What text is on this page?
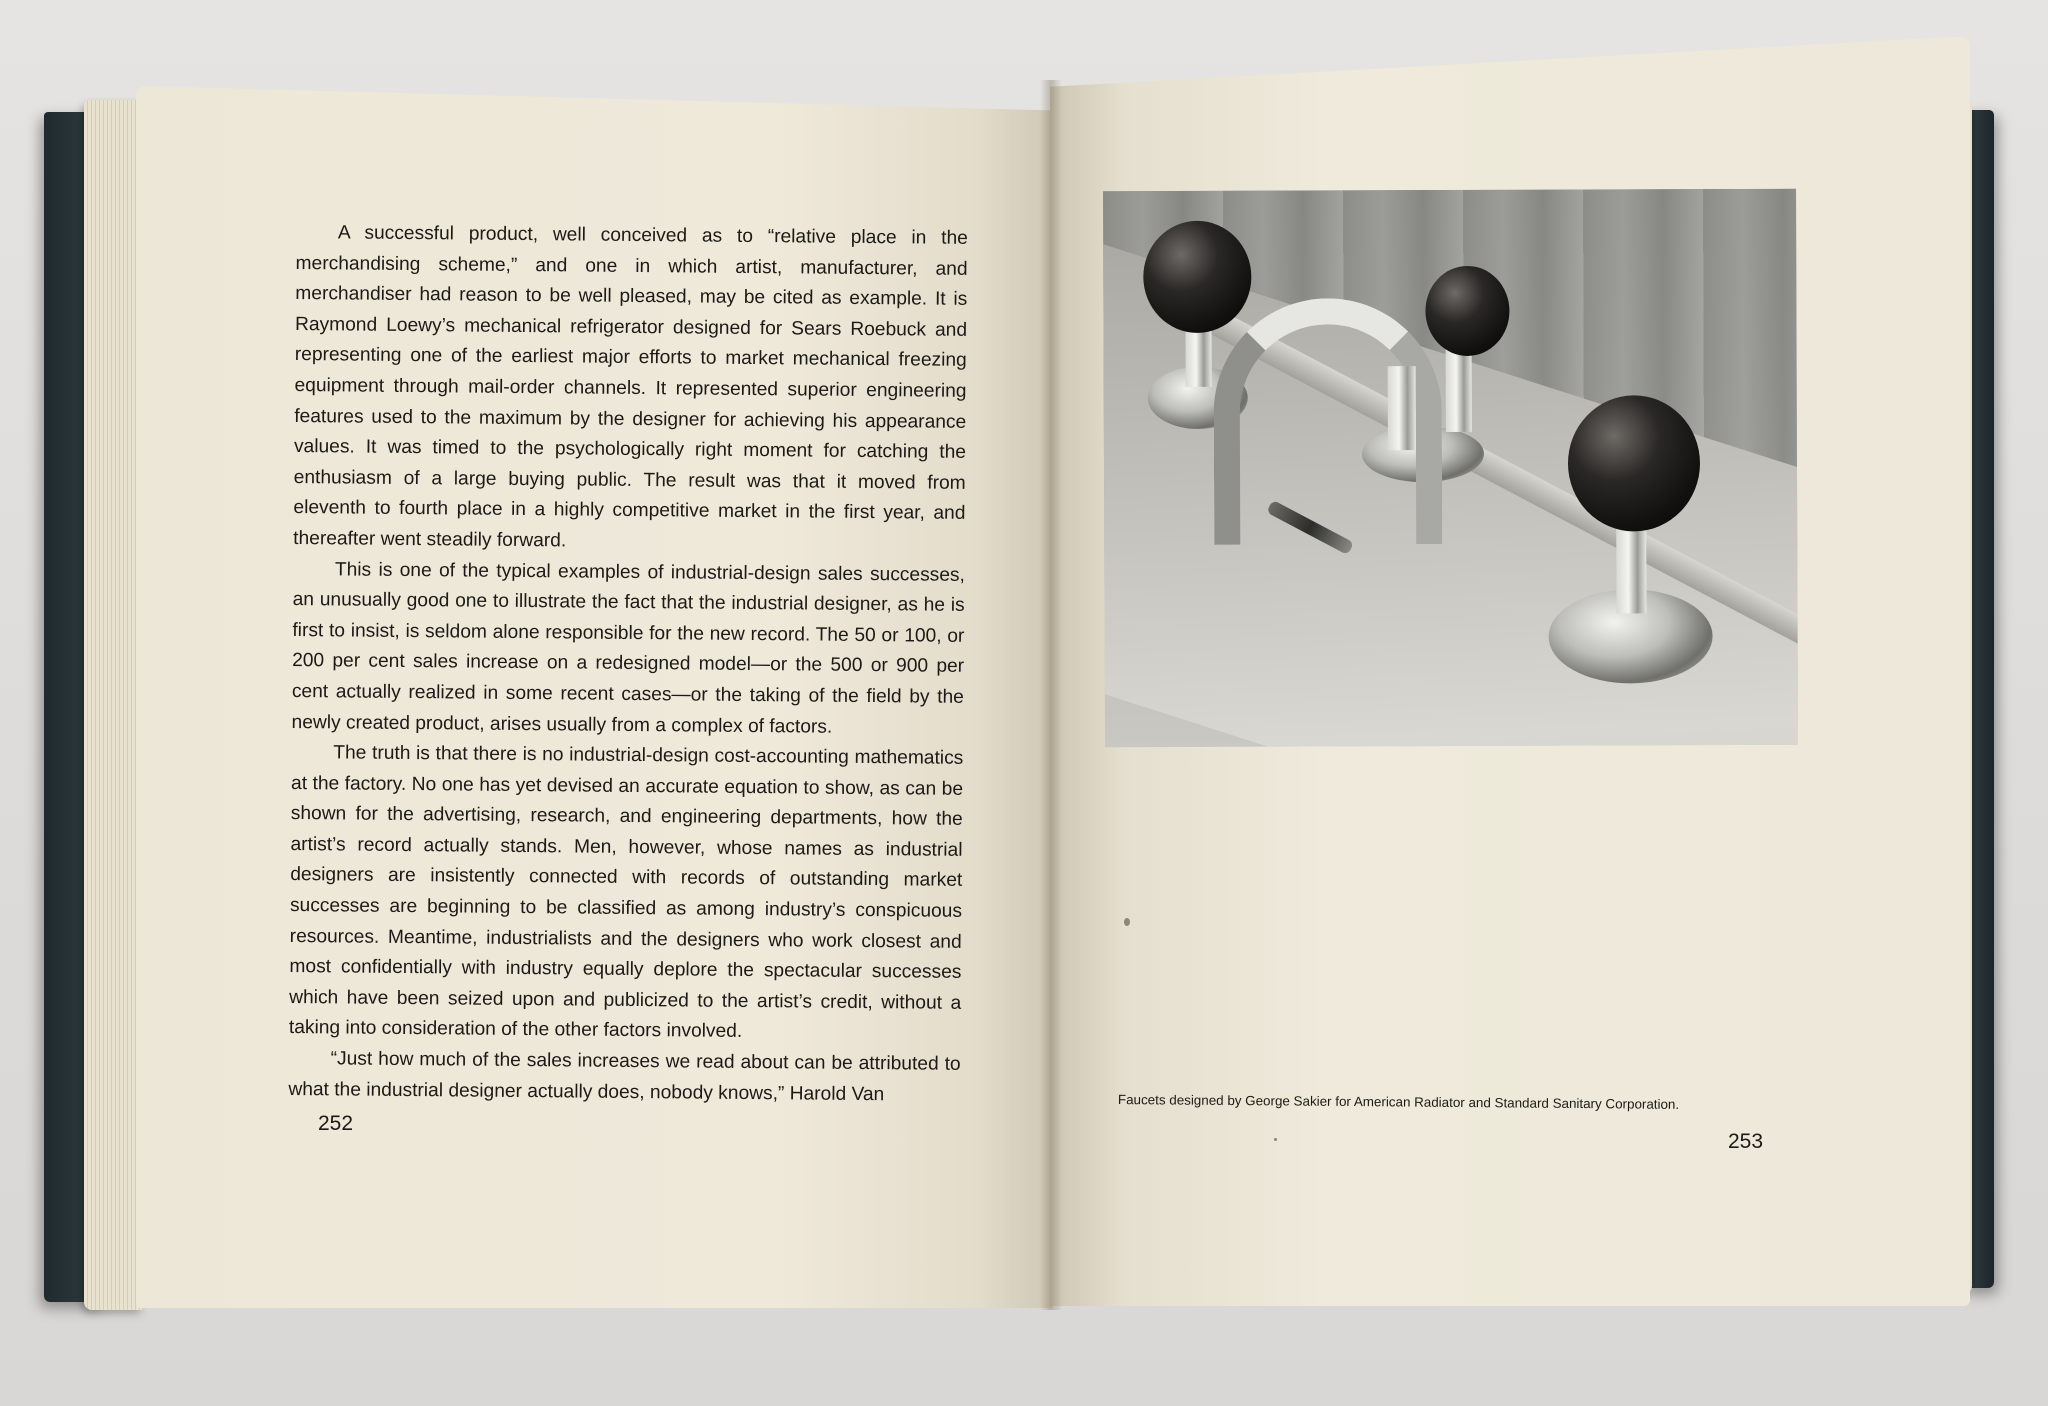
A successful product, well conceived as to “relative place in the merchandising scheme,” and one in which artist, manufacturer, and merchandiser had reason to be well pleased, may be cited as example. It is Raymond Loewy’s mechanical refrigerator designed for Sears Roebuck and representing one of the earliest major efforts to market mechanical freezing equipment through mail-order channels. It represented superior engineering features used to the maximum by the designer for achieving his appearance values. It was timed to the psychologically right moment for catching the enthusiasm of a large buying public. The result was that it moved from eleventh to fourth place in a highly competitive market in the first year, and thereafter went steadily forward.

This is one of the typical examples of industrial-design sales successes, an unusually good one to illustrate the fact that the industrial designer, as he is first to insist, is seldom alone responsible for the new record. The 50 or 100, or 200 per cent sales increase on a redesigned model—or the 500 or 900 per cent actually realized in some recent cases—or the taking of the field by the newly created product, arises usually from a complex of factors.

The truth is that there is no industrial-design cost-accounting mathematics at the factory. No one has yet devised an accurate equation to show, as can be shown for the advertising, research, and engineering departments, how the artist’s record actually stands. Men, however, whose names as industrial designers are insistently connected with records of outstanding market successes are beginning to be classified as among industry’s conspicuous resources. Meantime, industrialists and the designers who work closest and most confidentially with industry equally deplore the spectacular successes which have been seized upon and publicized to the artist’s credit, without a taking into consideration of the other factors involved.

“Just how much of the sales increases we read about can be attributed to what the industrial designer actually does, nobody knows,” Harold Van

252
Faucets designed by George Sakier for American Radiator and Standard Sanitary Corporation.
253
